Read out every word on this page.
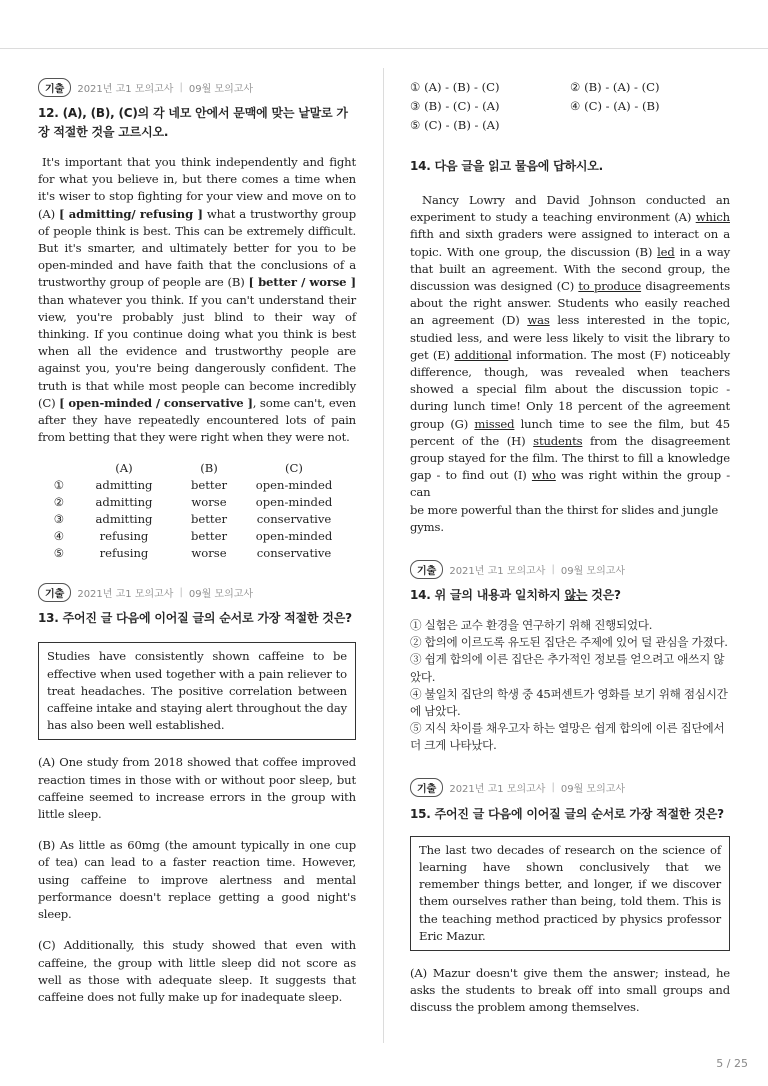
기출	2021년 고1 모의고사 | 09월 모의고사
12. (A), (B), (C)의 각 네모 안에서 문맥에 맞는 낱말로 가장 적절한 것을 고르시오.

It's important that you think independently and fight for what you believe in, but there comes a time when it's wiser to stop fighting for your view and move on to (A) [ admitting/ refusing ] what a trustworthy group of people think is best. This can be extremely difficult. But it's smarter, and ultimately better for you to be open-minded and have faith that the conclusions of a trustworthy group of people are (B) [ better / worse ] than whatever you think. If you can't understand their view, you're probably just blind to their way of thinking. If you continue doing what you think is best when all the evidence and trustworthy people are against you, you're being dangerously confident. The truth is that while most people can become incredibly (C) [ open-minded / conservative ], some can't, even after they have repeatedly encountered lots of pain from betting that they were right when they were not.

	(A)	(B)	(C)
①	admitting	better	open-minded
②	admitting	worse	open-minded
③	admitting	better	conservative
④	refusing	better	open-minded
⑤	refusing	worse	conservative
기출	2021년 고1 모의고사 | 09월 모의고사
13. 주어진 글 다음에 이어질 글의 순서로 가장 적절한 것은?
Studies have consistently shown caffeine to be effective when used together with a pain reliever to treat headaches. The positive correlation between caffeine intake and staying alert throughout the day has also been well established.
(A) One study from 2018 showed that coffee improved reaction times in those with or without poor sleep, but caffeine seemed to increase errors in the group with little sleep.
(B) As little as 60mg (the amount typically in one cup of tea) can lead to a faster reaction time. However, using caffeine to improve alertness and mental performance doesn't replace getting a good night's sleep.
(C) Additionally, this study showed that even with caffeine, the group with little sleep did not score as well as those with adequate sleep. It suggests that caffeine does not fully make up for inadequate sleep.
① (A) - (B) - (C)	② (B) - (A) - (C)
③ (B) - (C) - (A)	④ (C) - (A) - (B)
⑤ (C) - (B) - (A)
14. 다음 글을 읽고 물음에 답하시오.

Nancy Lowry and David Johnson conducted an experiment to study a teaching environment (A) which fifth and sixth graders were assigned to interact on a topic. With one group, the discussion (B) led in a way that built an agreement. With the second group, the discussion was designed (C) to produce disagreements about the right answer. Students who easily reached an agreement (D) was less interested in the topic, studied less, and were less likely to visit the library to get (E) additional information. The most (F) noticeably difference, though, was revealed when teachers showed a special film about the discussion topic - during lunch time! Only 18 percent of the agreement group (G) missed lunch time to see the film, but 45 percent of the (H) students from the disagreement group stayed for the film. The thirst to fill a knowledge gap - to find out (I) who was right within the group - can

be more powerful than the thirst for slides and jungle gyms.

기출	2021년 고1 모의고사 | 09월 모의고사
14. 위 글의 내용과 일치하지 않는 것은?
① 실험은 교수 환경을 연구하기 위해 진행되었다.
② 합의에 이르도록 유도된 집단은 주제에 있어 덜 관심을 가졌다.
③ 쉽게 합의에 이른 집단은 추가적인 정보를 얻으려고 애쓰지 않았다.
④ 불일치 집단의 학생 중 45퍼센트가 영화를 보기 위해 점심시간에 남았다.
⑤ 지식 차이를 채우고자 하는 열망은 쉽게 합의에 이른 집단에서 더 크게 나타났다.
기출	2021년 고1 모의고사 | 09월 모의고사
15. 주어진 글 다음에 이어질 글의 순서로 가장 적절한 것은?
The last two decades of research on the science of learning have shown conclusively that we remember things better, and longer, if we discover them ourselves rather than being, told them. This is the teaching method practiced by physics professor Eric Mazur.
(A) Mazur doesn't give them the answer; instead, he asks the students to break off into small groups and discuss the problem among themselves.
5 / 25
